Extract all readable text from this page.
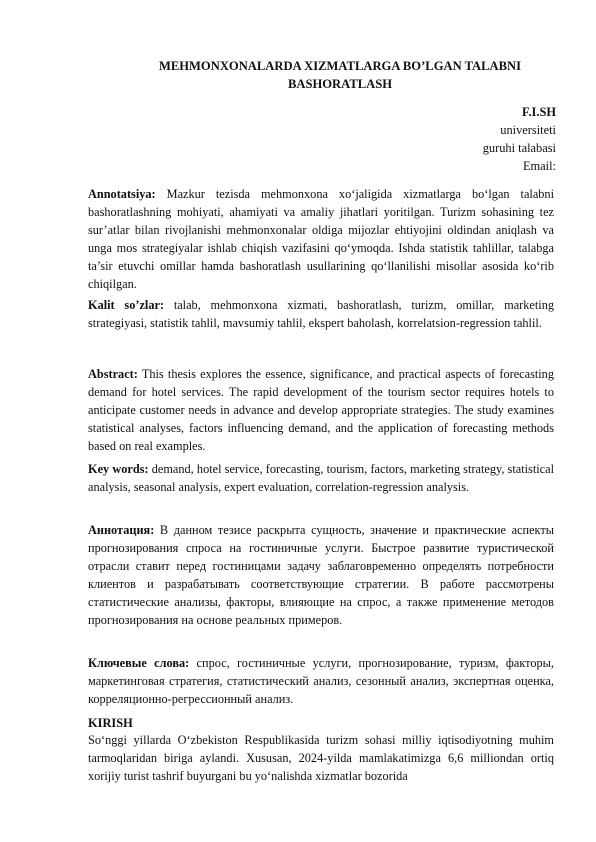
MEHMONXONALARDA XIZMATLARGA BO’LGAN TALABNI
BASHORATLASH
F.I.SH
universiteti
guruhi talabasi
Email:

Annotatsiya: Mazkur tezisda mehmonxona xo‘jaligida xizmatlarga bo‘lgan talabni bashoratlashning mohiyati, ahamiyati va amaliy jihatlari yoritilgan. Turizm sohasining tez sur’atlar bilan rivojlanishi mehmonxonalar oldiga mijozlar ehtiyojini oldindan aniqlash va unga mos strategiyalar ishlab chiqish vazifasini qo‘ymoqda. Ishda statistik tahlillar, talabga ta’sir etuvchi omillar hamda bashoratlash usullarining qo‘llanilishi misollar asosida ko‘rib chiqilgan.

Kalit so’zlar: talab, mehmonxona xizmati, bashoratlash, turizm, omillar, marketing strategiyasi, statistik tahlil, mavsumiy tahlil, ekspert baholash, korrelatsion-regression tahlil.

Abstract: This thesis explores the essence, significance, and practical aspects of forecasting demand for hotel services. The rapid development of the tourism sector requires hotels to anticipate customer needs in advance and develop appropriate strategies. The study examines statistical analyses, factors influencing demand, and the application of forecasting methods based on real examples.

Key words: demand, hotel service, forecasting, tourism, factors, marketing strategy, statistical analysis, seasonal analysis, expert evaluation, correlation-regression analysis.

Аннотация: В данном тезисе раскрыта сущность, значение и практические аспекты прогнозирования спроса на гостиничные услуги. Быстрое развитие туристической отрасли ставит перед гостиницами задачу заблаговременно определять потребности клиентов и разрабатывать соответствующие стратегии. В работе рассмотрены статистические анализы, факторы, влияющие на спрос, а также применение методов прогнозирования на основе реальных примеров.

Ключевые слова: спрос, гостиничные услуги, прогнозирование, туризм, факторы, маркетинговая стратегия, статистический анализ, сезонный анализ, экспертная оценка, корреляционно-регрессионный анализ.

KIRISH

So‘nggi yillarda O‘zbekiston Respublikasida turizm sohasi milliy iqtisodiyotning muhim tarmoqlaridan biriga aylandi. Xususan, 2024-yilda mamlakatimizga 6,6 milliondan ortiq xorijiy turist tashrif buyurgani bu yo‘nalishda xizmatlar bozorida
